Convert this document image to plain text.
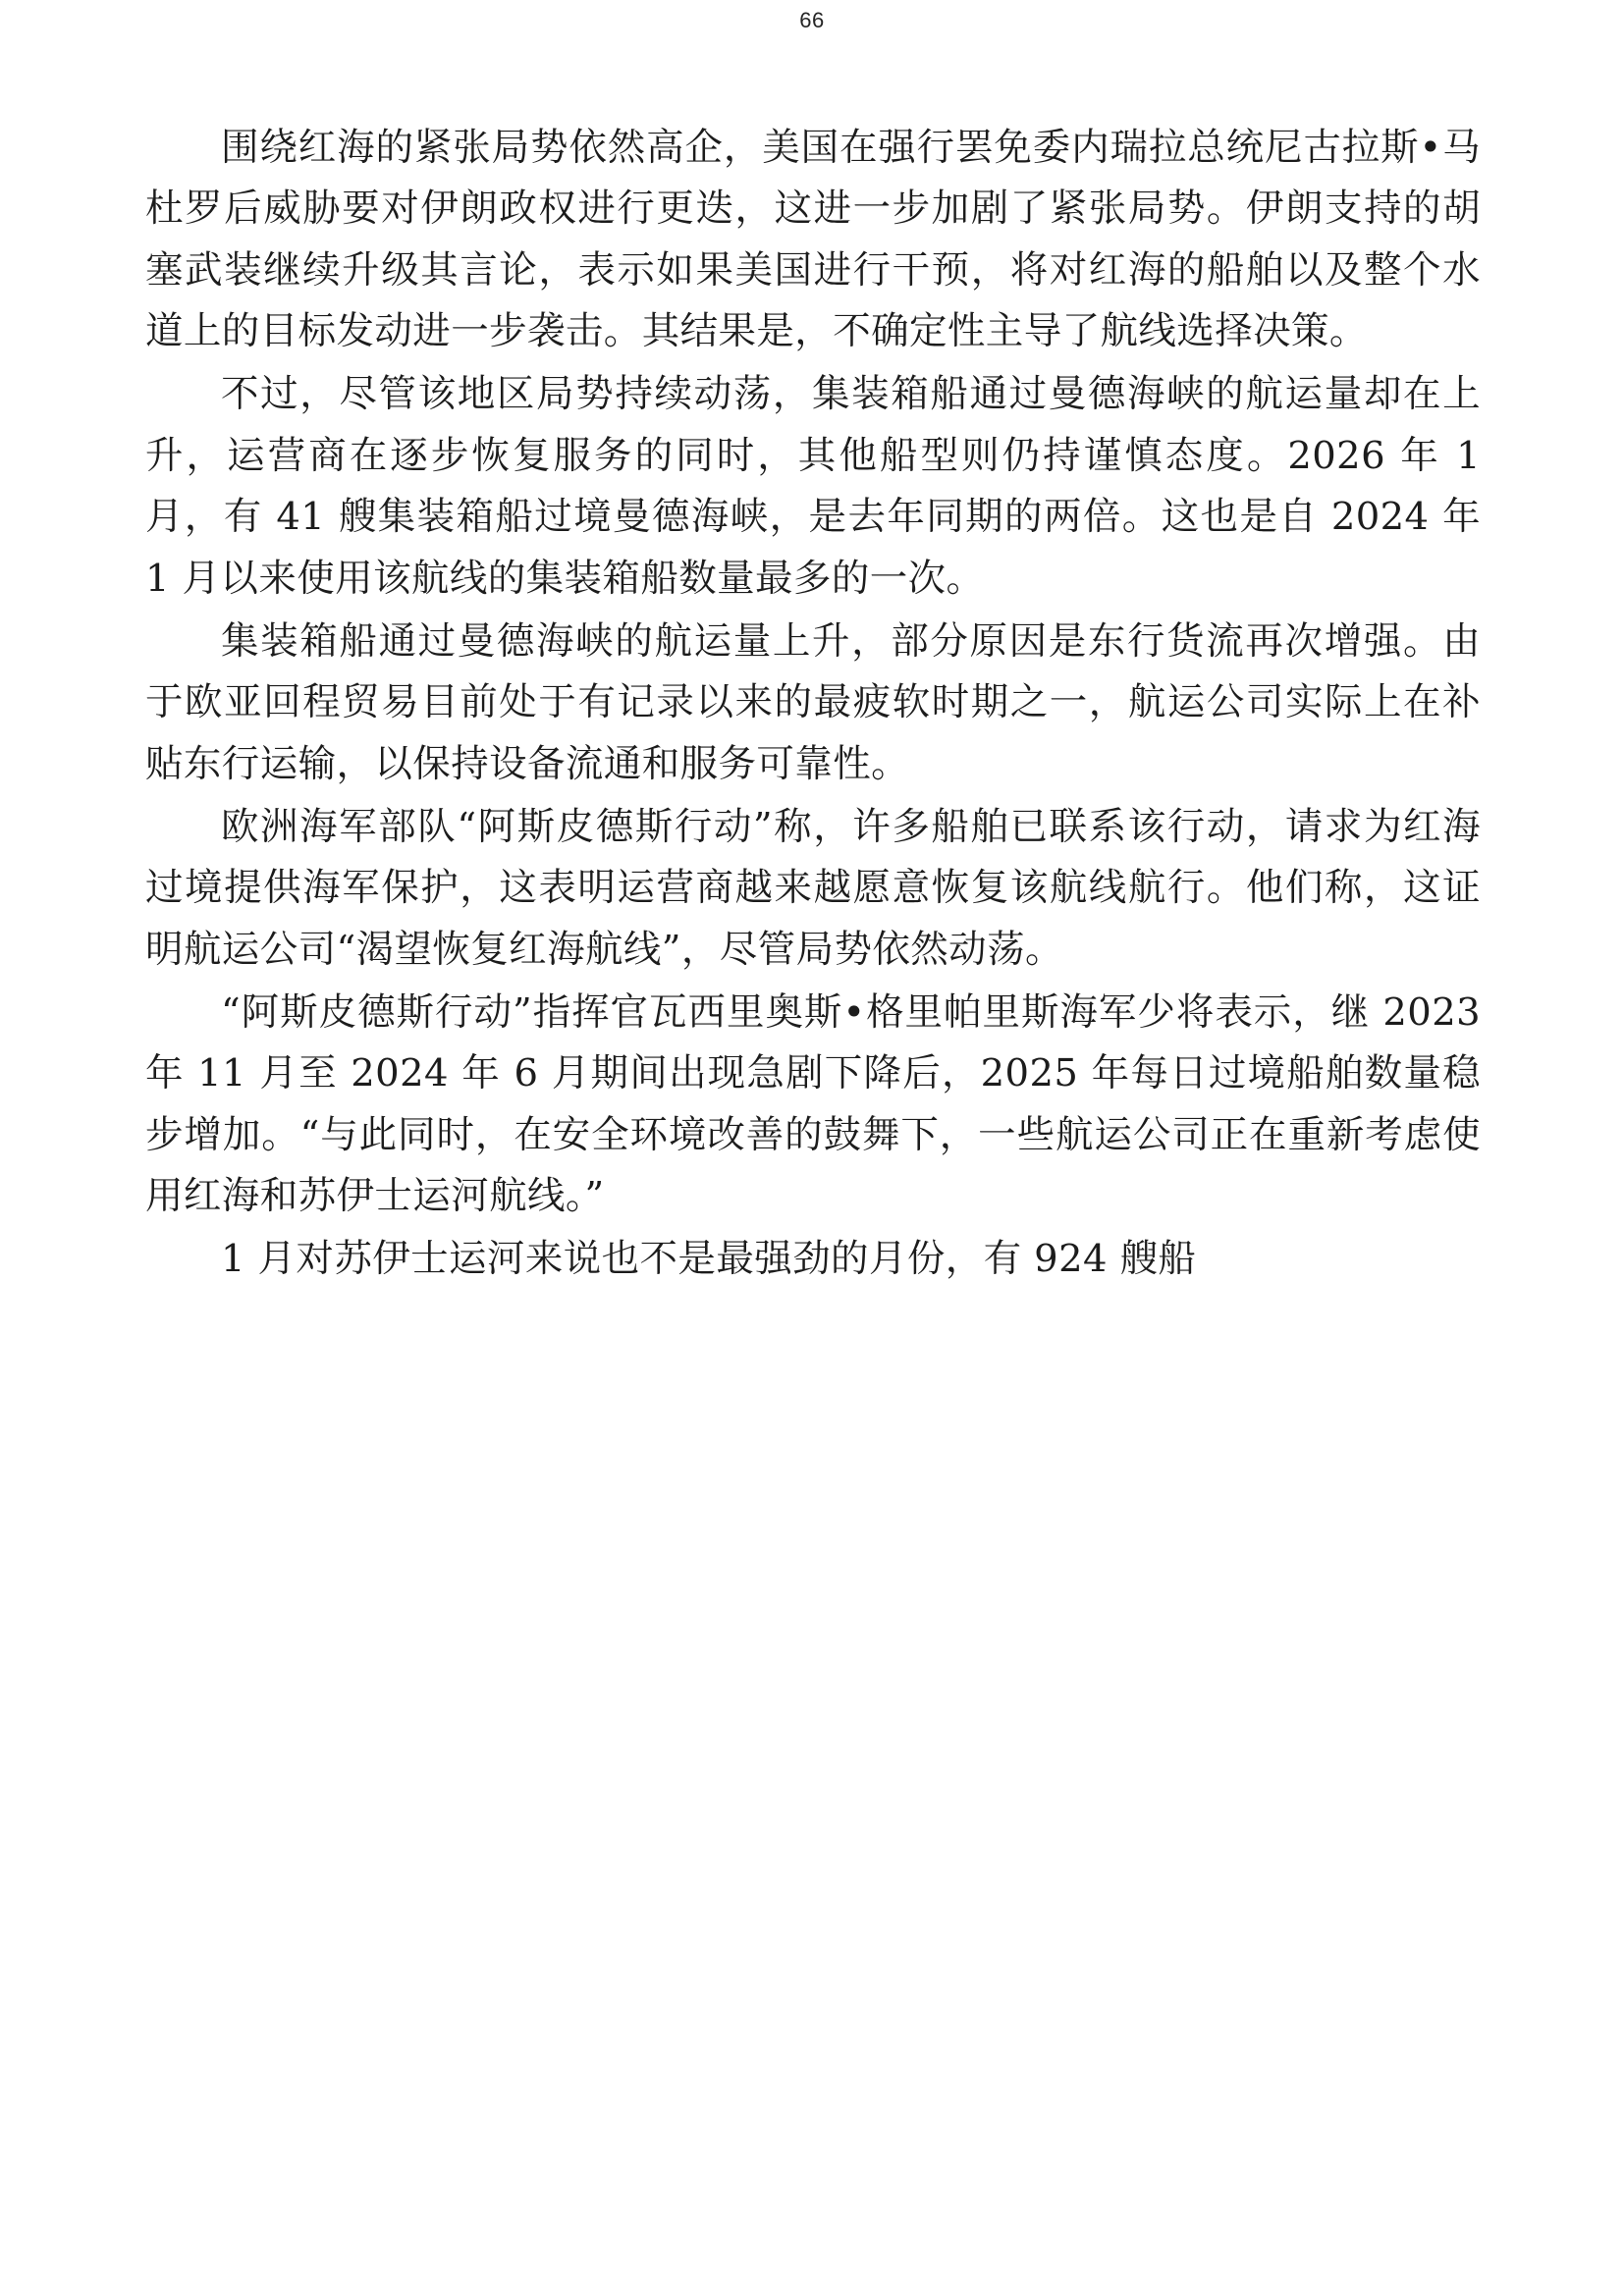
66

围绕红海的紧张局势依然高企，美国在强行罢免委内瑞拉总统尼古拉斯•马杜罗后威胁要对伊朗政权进行更迭，这进一步加剧了紧张局势。伊朗支持的胡塞武装继续升级其言论，表示如果美国进行干预，将对红海的船舶以及整个水道上的目标发动进一步袭击。其结果是，不确定性主导了航线选择决策。

不过，尽管该地区局势持续动荡，集装箱船通过曼德海峡的航运量却在上升，运营商在逐步恢复服务的同时，其他船型则仍持谨慎态度。2026 年 1 月，有 41 艘集装箱船过境曼德海峡，是去年同期的两倍。这也是自 2024 年 1 月以来使用该航线的集装箱船数量最多的一次。

集装箱船通过曼德海峡的航运量上升，部分原因是东行货流再次增强。由于欧亚回程贸易目前处于有记录以来的最疲软时期之一，航运公司实际上在补贴东行运输，以保持设备流通和服务可靠性。

欧洲海军部队“阿斯皮德斯行动”称，许多船舶已联系该行动，请求为红海过境提供海军保护，这表明运营商越来越愿意恢复该航线航行。他们称，这证明航运公司“渴望恢复红海航线”，尽管局势依然动荡。

“阿斯皮德斯行动”指挥官瓦西里奥斯•格里帕里斯海军少将表示，继 2023 年 11 月至 2024 年 6 月期间出现急剧下降后，2025 年每日过境船舶数量稳步增加。“与此同时，在安全环境改善的鼓舞下，一些航运公司正在重新考虑使用红海和苏伊士运河航线。”

1 月对苏伊士运河来说也不是最强劲的月份，有 924 艘船
